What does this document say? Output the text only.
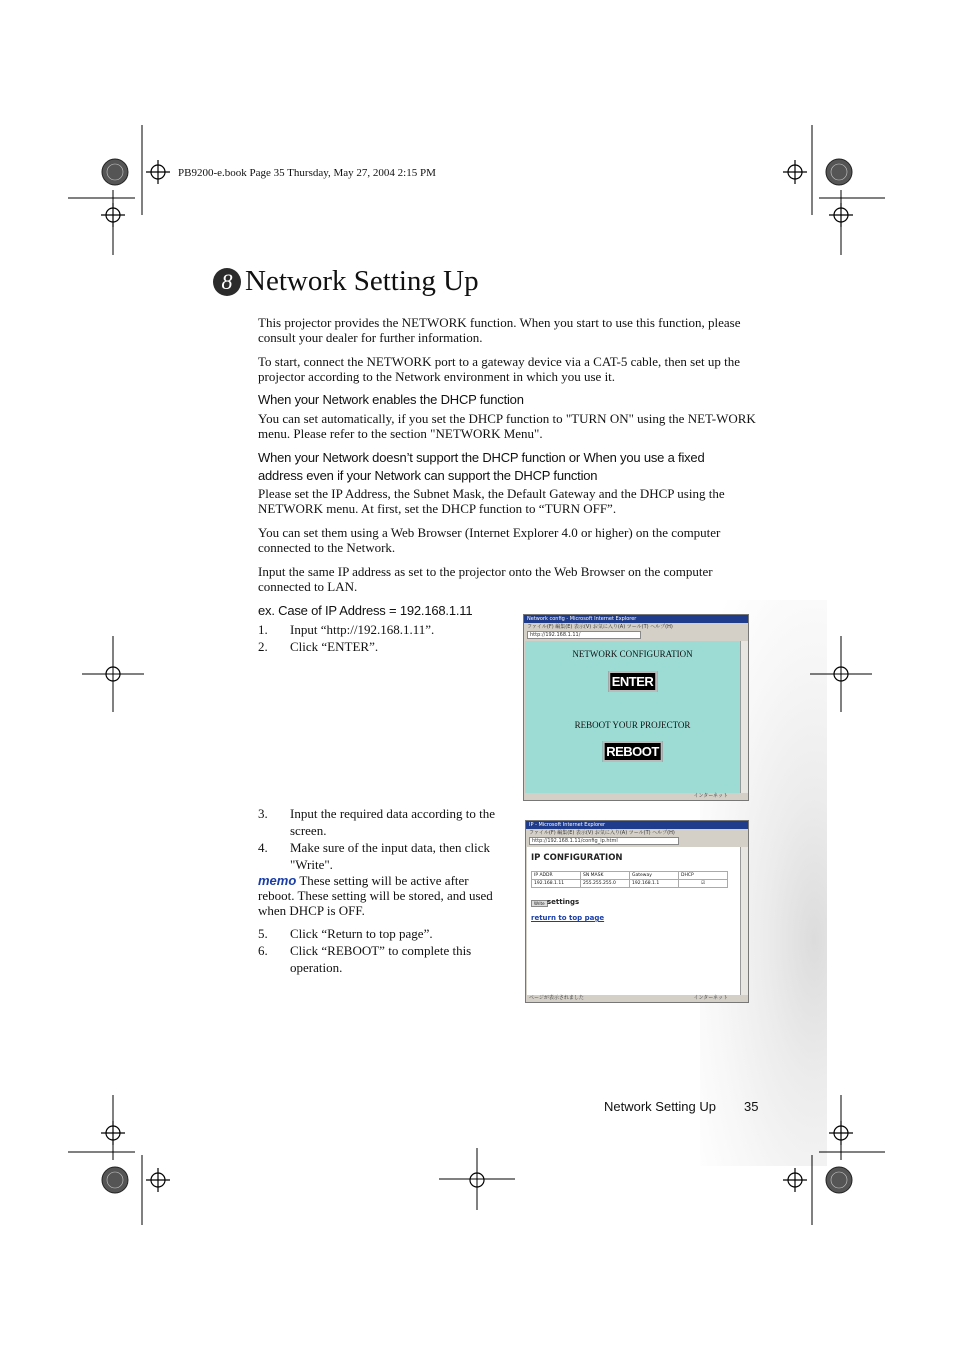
PB9200-e.book Page 35 Thursday, May 27, 2004 2:15 PM
8 Network Setting Up
This projector provides the NETWORK function. When you start to use this function, please consult your dealer for further information.
To start, connect the NETWORK port to a gateway device via a CAT-5 cable, then set up the projector according to the Network environment in which you use it.
When your Network enables the DHCP function
You can set automatically, if you set the DHCP function to "TURN ON" using the NET-WORK menu. Please refer to the section "NETWORK Menu".
When your Network doesn’t support the DHCP function or When you use a fixed address even if your Network can support the DHCP function
Please set the IP Address, the Subnet Mask, the Default Gateway and the DHCP using the NETWORK menu. At first, set the DHCP function to “TURN OFF”.
You can set them using a Web Browser (Internet Explorer 4.0 or higher) on the computer connected to the Network.
Input the same IP address as set to the projector onto the Web Browser on the computer connected to LAN.
ex. Case of IP Address = 192.168.1.11
1. Input “http://192.168.1.11”.
2. Click “ENTER”.
3. Input the required data according to the screen.
4. Make sure of the input data, then click "Write".
memo These setting will be active after reboot. These setting will be stored, and used when DHCP is OFF.
5. Click “Return to top page”.
6. Click “REBOOT” to complete this operation.
Network config - Microsoft Internet Explorer
ファイル(F) 編集(E) 表示(V) お気に入り(A) ツール(T) ヘルプ(H)
http://192.168.1.11/
NETWORK CONFIGURATION
ENTER
REBOOT YOUR PROJECTOR
REBOOT
インターネット
IP - Microsoft Internet Explorer
ファイル(F) 編集(E) 表示(V) お気に入り(A) ツール(T) ヘルプ(H)
http://192.168.1.11/config_ip.html
IP CONFIGURATION
IP ADDR	SN MASK	Gateway	DHCP
192.168.1.11	255.255.255.0	192.168.1.1	☑
Write settings
return to top page
ページが表示されました	インターネット
Network Setting Up 35
